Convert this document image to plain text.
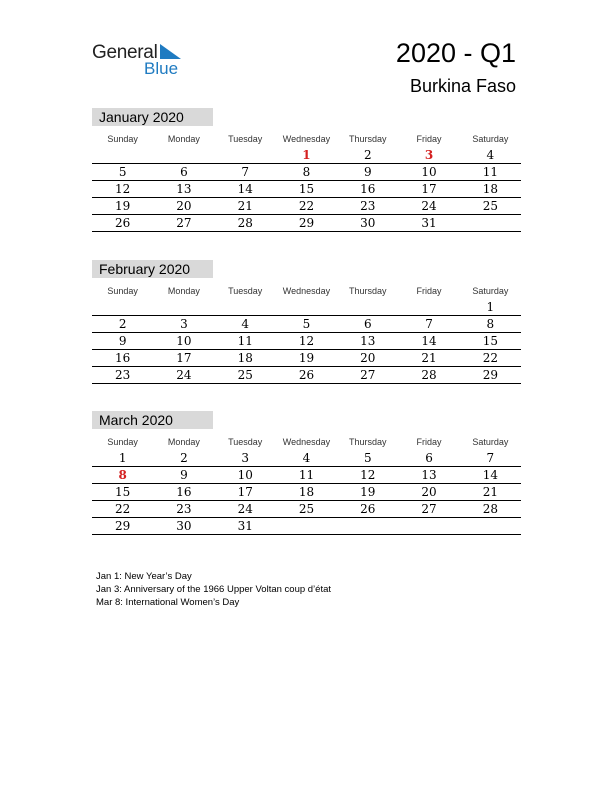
General
Blue
2020 - Q1
Burkina Faso
January 2020
Sunday	Monday	Tuesday	Wednesday	Thursday	Friday	Saturday
			1	2	3	4
5	6	7	8	9	10	11
12	13	14	15	16	17	18
19	20	21	22	23	24	25
26	27	28	29	30	31	
February 2020
Sunday	Monday	Tuesday	Wednesday	Thursday	Friday	Saturday
						1
2	3	4	5	6	7	8
9	10	11	12	13	14	15
16	17	18	19	20	21	22
23	24	25	26	27	28	29
March 2020
Sunday	Monday	Tuesday	Wednesday	Thursday	Friday	Saturday
1	2	3	4	5	6	7
8	9	10	11	12	13	14
15	16	17	18	19	20	21
22	23	24	25	26	27	28
29	30	31				
Jan 1: New Year’s Day
Jan 3: Anniversary of the 1966 Upper Voltan coup d’état
Mar 8: International Women’s Day
